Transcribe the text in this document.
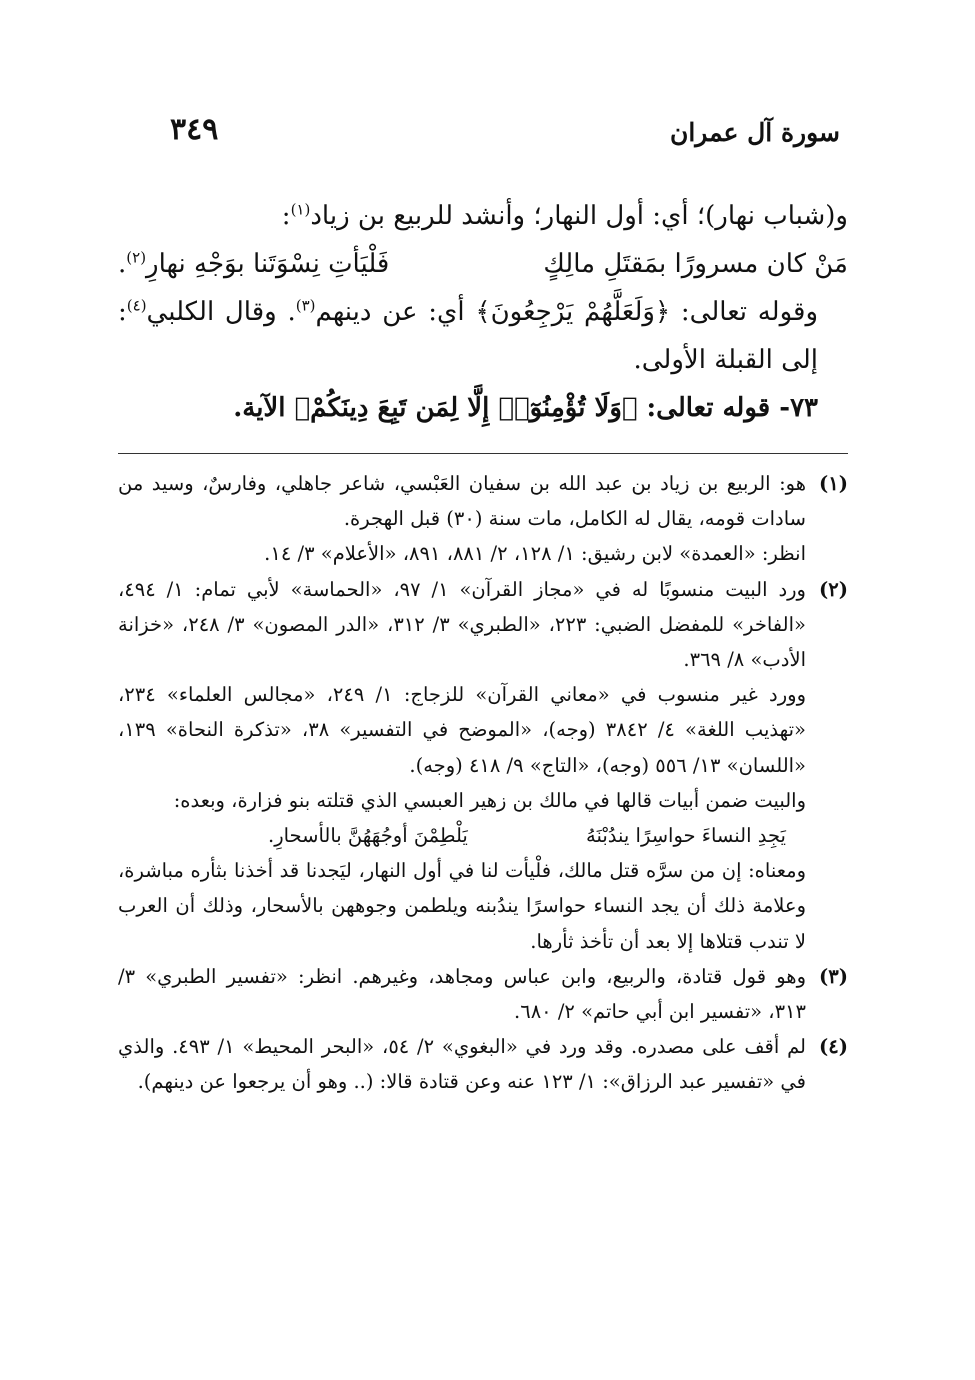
سورة آل عمران
٣٤٩

و(شباب نهار)؛ أي: أول النهار؛ وأنشد للربيع بن زياد$^{(١)}$:

مَنْ كان مسرورًا بمَقتَلِ مالِكٍ
فَلْيَأتِ نِسْوَتَنا بوَجْهِ نهارِ$^{(٢)}$.

وقوله تعالى: ﴿وَلَعَلَّهُمْ يَرْجِعُونَ﴾ أي: عن دينهم$^{(٣)}$. وقال الكلبي$^{(٤)}$: إلى القبلة الأولى.

٧٣- قوله تعالى: ﴿وَلَا تُؤْمِنُوٓا۟ إِلَّا لِمَن تَبِعَ دِينَكُمْ﴾ الآية.

(١)

هو: الربيع بن زياد بن عبد الله بن سفيان العَبْسي، شاعر جاهلي، وفارسٌ، وسيد من سادات قومه، يقال له الكامل، مات سنة (٣٠) قبل الهجرة.

انظر: «العمدة» لابن رشيق: ١/ ١٢٨، ٢/ ٨٨١، ٨٩١، «الأعلام» ٣/ ١٤.

(٢)

ورد البيت منسوبًا له في «مجاز القرآن» ١/ ٩٧، «الحماسة» لأبي تمام: ١/ ٤٩٤، «الفاخر» للمفضل الضبي: ٢٢٣، «الطبري» ٣/ ٣١٢، «الدر المصون» ٣/ ٢٤٨، «خزانة الأدب» ٨/ ٣٦٩.

وورد غير منسوب في «معاني القرآن» للزجاج: ١/ ٢٤٩، «مجالس العلماء» ٢٣٤، «تهذيب اللغة» ٤/ ٣٨٤٢ (وجه)، «الموضح في التفسير» ٣٨، «تذكرة النحاة» ١٣٩، «اللسان» ١٣/ ٥٥٦ (وجه)، «التاج» ٩/ ٤١٨ (وجه).

والبيت ضمن أبيات قالها في مالك بن زهير العبسي الذي قتلته بنو فزارة، وبعده:

يَجِدِ النساءَ حواسِرًا يندُبْنَهُ
يَلْطِمْنَ أوجُهَهُنَّ بالأسحارِ.

ومعناه: إن من سرَّه قتل مالك، فلْيأت لنا في أول النهار، ليَجدنا قد أخذنا بثأره مباشرة، وعلامة ذلك أن يجد النساء حواسرًا يندُبنه ويلطمن وجوههن بالأسحار، وذلك أن العرب لا تندب قتلاها إلا بعد أن تأخذ ثأرها.

(٣)

وهو قول قتادة، والربيع، وابن عباس ومجاهد، وغيرهم. انظر: «تفسير الطبري» ٣/ ٣١٣، «تفسير ابن أبي حاتم» ٢/ ٦٨٠.

(٤)

لم أقف على مصدره. وقد ورد في «البغوي» ٢/ ٥٤، «البحر المحيط» ١/ ٤٩٣. والذي في «تفسير عبد الرزاق»: ١/ ١٢٣ عنه وعن قتادة قالا: (.. وهو أن يرجعوا عن دينهم).
